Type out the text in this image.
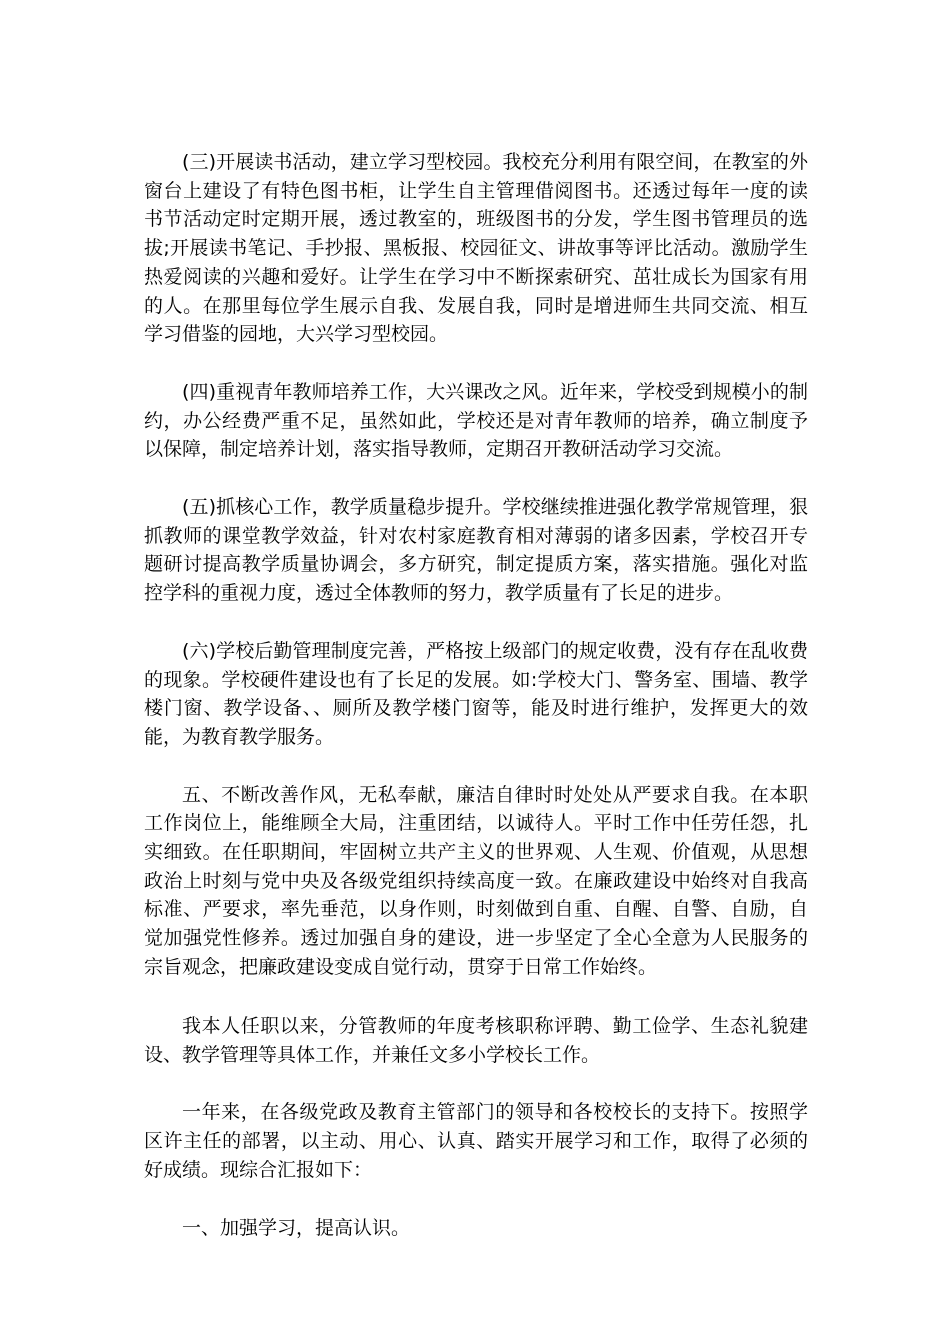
(三)开展读书活动，建立学习型校园。我校充分利用有限空间，在教室的外窗台上建设了有特色图书柜，让学生自主管理借阅图书。还透过每年一度的读书节活动定时定期开展，透过教室的，班级图书的分发，学生图书管理员的选拔;开展读书笔记、手抄报、黑板报、校园征文、讲故事等评比活动。激励学生热爱阅读的兴趣和爱好。让学生在学习中不断探索研究、茁壮成长为国家有用的人。在那里每位学生展示自我、发展自我，同时是增进师生共同交流、相互学习借鉴的园地，大兴学习型校园。

(四)重视青年教师培养工作，大兴课改之风。近年来，学校受到规模小的制约，办公经费严重不足，虽然如此，学校还是对青年教师的培养，确立制度予以保障，制定培养计划，落实指导教师，定期召开教研活动学习交流。

(五)抓核心工作，教学质量稳步提升。学校继续推进强化教学常规管理，狠抓教师的课堂教学效益，针对农村家庭教育相对薄弱的诸多因素，学校召开专题研讨提高教学质量协调会，多方研究，制定提质方案，落实措施。强化对监控学科的重视力度，透过全体教师的努力，教学质量有了长足的进步。

(六)学校后勤管理制度完善，严格按上级部门的规定收费，没有存在乱收费的现象。学校硬件建设也有了长足的发展。如:学校大门、警务室、围墙、教学楼门窗、教学设备、、厕所及教学楼门窗等，能及时进行维护，发挥更大的效能，为教育教学服务。

五、不断改善作风，无私奉献，廉洁自律时时处处从严要求自我。在本职工作岗位上，能维顾全大局，注重团结，以诚待人。平时工作中任劳任怨，扎实细致。在任职期间，牢固树立共产主义的世界观、人生观、价值观，从思想政治上时刻与党中央及各级党组织持续高度一致。在廉政建设中始终对自我高标准、严要求，率先垂范，以身作则，时刻做到自重、自醒、自警、自励，自觉加强党性修养。透过加强自身的建设，进一步坚定了全心全意为人民服务的宗旨观念，把廉政建设变成自觉行动，贯穿于日常工作始终。

我本人任职以来，分管教师的年度考核职称评聘、勤工俭学、生态礼貌建设、教学管理等具体工作，并兼任文多小学校长工作。

一年来，在各级党政及教育主管部门的领导和各校校长的支持下。按照学区许主任的部署，以主动、用心、认真、踏实开展学习和工作，取得了必须的好成绩。现综合汇报如下：

一、加强学习，提高认识。
